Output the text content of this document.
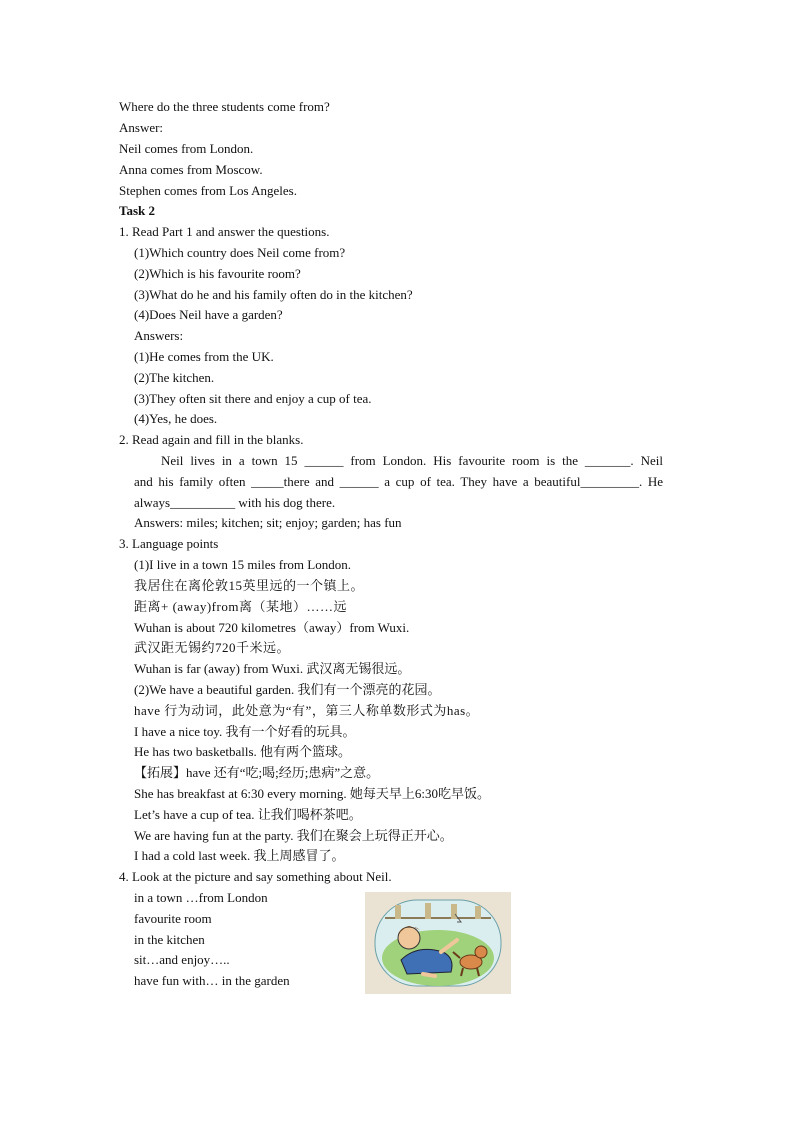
Where do the three students come from?
Answer:
Neil comes from London.
Anna comes from Moscow.
Stephen comes from Los Angeles.
Task 2
1. Read Part 1 and answer the questions.
(1)Which country does Neil come from?
(2)Which is his favourite room?
(3)What do he and his family often do in the kitchen?
(4)Does Neil have a garden?
Answers:
(1)He comes from the UK.
(2)The kitchen.
(3)They often sit there and enjoy a cup of tea.
(4)Yes, he does.
2. Read again and fill in the blanks.
Neil lives in a town 15 ______ from London. His favourite room is the _______. Neil
and his family often _____there and ______ a cup of tea. They have a beautiful_________. He
always__________ with his dog there.
Answers: miles; kitchen; sit; enjoy; garden; has fun
3. Language points
(1)I live in a town 15 miles from London.
我居住在离伦敦15英里远的一个镇上。
距离+ (away)from离（某地）……远
Wuhan is about 720 kilometres（away）from Wuxi.
武汉距无锡约720千米远。
Wuhan is far (away) from Wuxi. 武汉离无锡很远。
(2)We have a beautiful garden. 我们有一个漂亮的花园。
have 行为动词，此处意为“有”，第三人称单数形式为has。
I have a nice toy. 我有一个好看的玩具。
He has two basketballs. 他有两个篮球。
【拓展】have 还有“吃;喝;经历;患病”之意。
She has breakfast at 6:30 every morning. 她每天早上6:30吃早饭。
Let’s have a cup of tea. 让我们喝杯茶吧。
We are having fun at the party. 我们在聚会上玩得正开心。
I had a cold last week. 我上周感冒了。
4. Look at the picture and say something about Neil.
in a town …from London
favourite room
in the kitchen
sit…and enjoy…..
have fun with… in the garden
